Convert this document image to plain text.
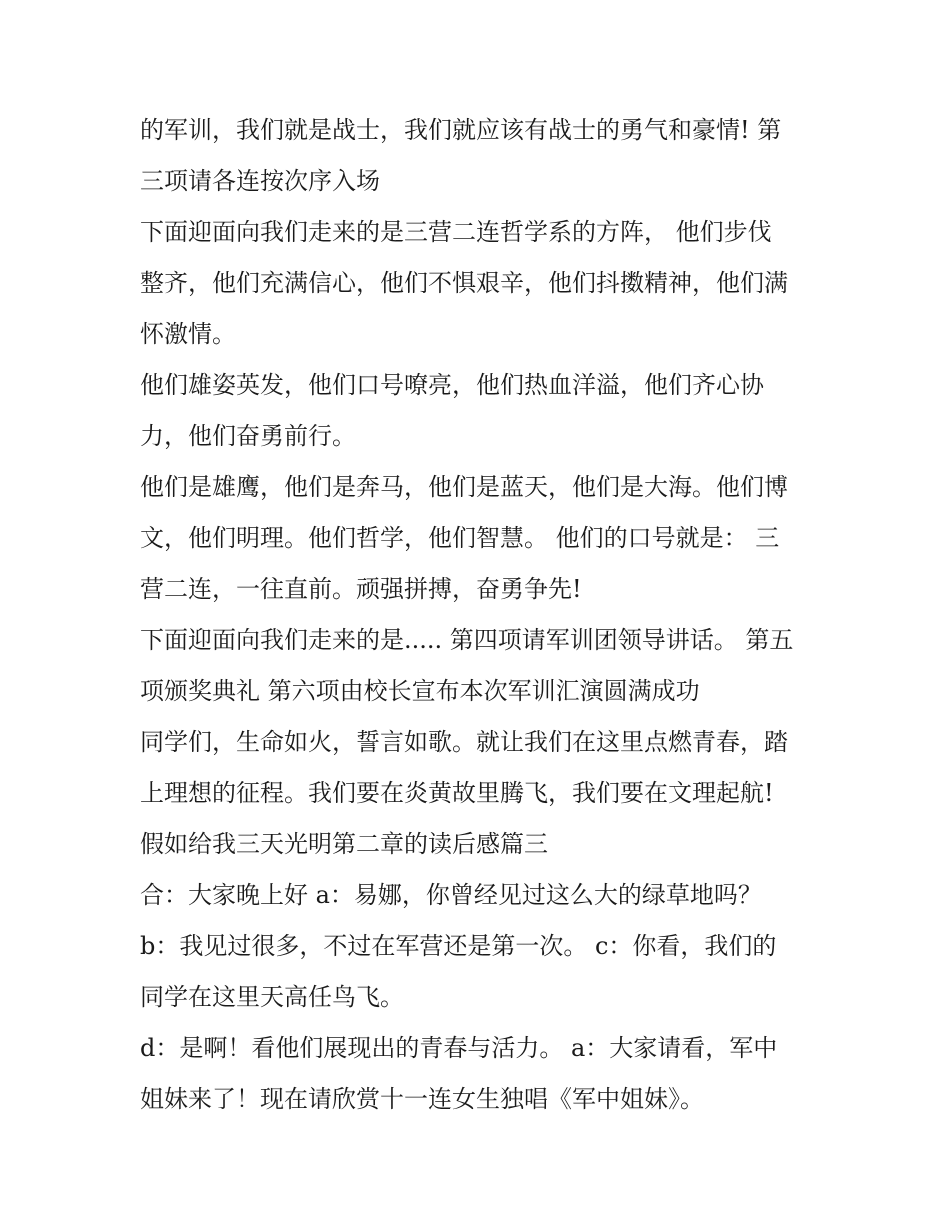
的军训，我们就是战士，我们就应该有战士的勇气和豪情! 第

三项请各连按次序入场

下面迎面向我们走来的是三营二连哲学系的方阵， 他们步伐

整齐，他们充满信心，他们不惧艰辛，他们抖擞精神，他们满

怀激情。

他们雄姿英发，他们口号嘹亮，他们热血洋溢，他们齐心协

力，他们奋勇前行。

他们是雄鹰，他们是奔马，他们是蓝天，他们是大海。他们博

文，他们明理。他们哲学，他们智慧。 他们的口号就是： 三

营二连，一往直前。顽强拼搏，奋勇争先!

下面迎面向我们走来的是..... 第四项请军训团领导讲话。 第五

项颁奖典礼 第六项由校长宣布本次军训汇演圆满成功

同学们，生命如火，誓言如歌。就让我们在这里点燃青春，踏

上理想的征程。我们要在炎黄故里腾飞，我们要在文理起航!

假如给我三天光明第二章的读后感篇三

合：大家晚上好 a：易娜，你曾经见过这么大的绿草地吗？

b：我见过很多，不过在军营还是第一次。 c：你看，我们的

同学在这里天高任鸟飞。

d：是啊！看他们展现出的青春与活力。 a：大家请看，军中

姐妹来了！现在请欣赏十一连女生独唱《军中姐妹》。
